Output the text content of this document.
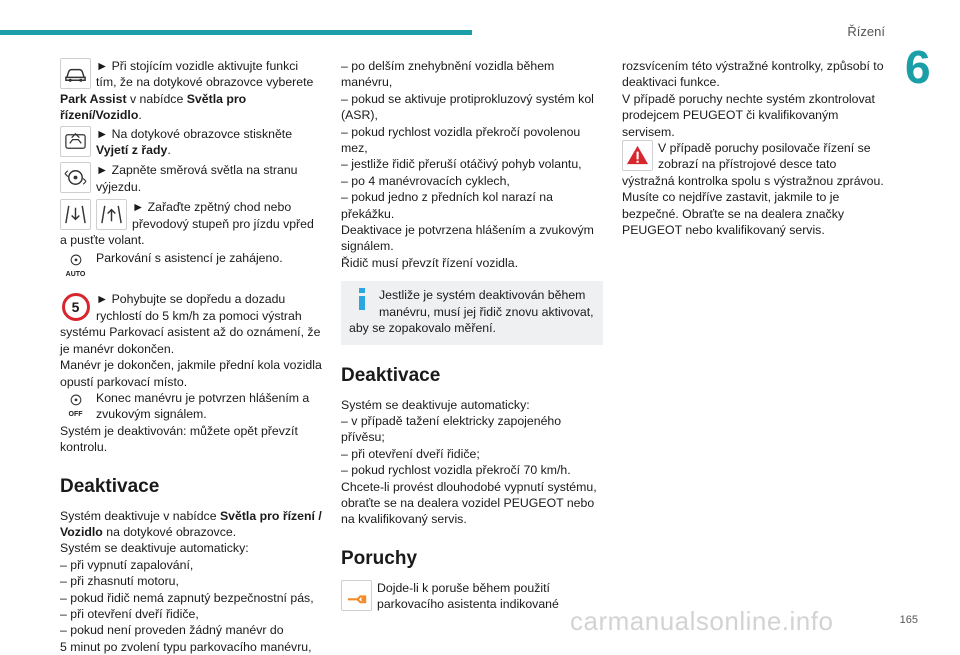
Řízení
6

► Při stojícím vozidle aktivujte funkci tím, že na dotykové obrazovce vyberete Park Assist v nabídce Světla pro řízení/Vozidlo.

► Na dotykové obrazovce stiskněte Vyjetí z řady.

► Zapněte směrová světla na stranu výjezdu.

► Zařaďte zpětný chod nebo převodový stupeň pro jízdu vpřed a pusťte volant.

AUTO

Parkování s asistencí je zahájeno.

5	► Pohybujte se dopředu a dozadu rychlostí do 5 km/h za pomoci výstrah systému Parkovací asistent až do oznámení, že je manévr dokončen.

Manévr je dokončen, jakmile přední kola vozidla opustí parkovací místo.

OFF

Konec manévru je potvrzen hlášením a zvukovým signálem.

Systém je deaktivován: můžete opět převzít kontrolu.

Deaktivace

Systém deaktivuje v nabídce Světla pro řízení / Vozidlo na dotykové obrazovce.

Systém se deaktivuje automaticky:

– při vypnutí zapalování,

– při zhasnutí motoru,

– pokud řidič nemá zapnutý bezpečnostní pás,

– při otevření dveří řidiče,

– pokud není proveden žádný manévr do

5 minut po zvolení typu parkovacího manévru,

– po delším znehybnění vozidla během manévru,

– pokud se aktivuje protiprokluzový systém kol (ASR),

– pokud rychlost vozidla překročí povolenou mez,

– jestliže řidič přeruší otáčivý pohyb volantu,

– po 4 manévrovacích cyklech,

– pokud jedno z předních kol narazí na překážku.

Deaktivace je potvrzena hlášením a zvukovým signálem.

Řidič musí převzít řízení vozidla.

Jestliže je systém deaktivován během manévru, musí jej řidič znovu aktivovat, aby se zopakovalo měření.

Deaktivace

Systém se deaktivuje automaticky:

– v případě tažení elektricky zapojeného přívěsu;

– při otevření dveří řidiče;

– pokud rychlost vozidla překročí 70 km/h.

Chcete-li provést dlouhodobé vypnutí systému, obraťte se na dealera vozidel PEUGEOT nebo na kvalifikovaný servis.

Poruchy

Dojde-li k poruše během použití parkovacího asistenta indikované

rozsvícením této výstražné kontrolky, způsobí to deaktivaci funkce.

V případě poruchy nechte systém zkontrolovat prodejcem PEUGEOT či kvalifikovaným servisem.

V případě poruchy posilovače řízení se zobrazí na přístrojové desce tato výstražná kontrolka spolu s výstražnou zprávou.

Musíte co nejdříve zastavit, jakmile to je bezpečné. Obraťte se na dealera značky PEUGEOT nebo kvalifikovaný servis.

165
carmanualsonline.info
